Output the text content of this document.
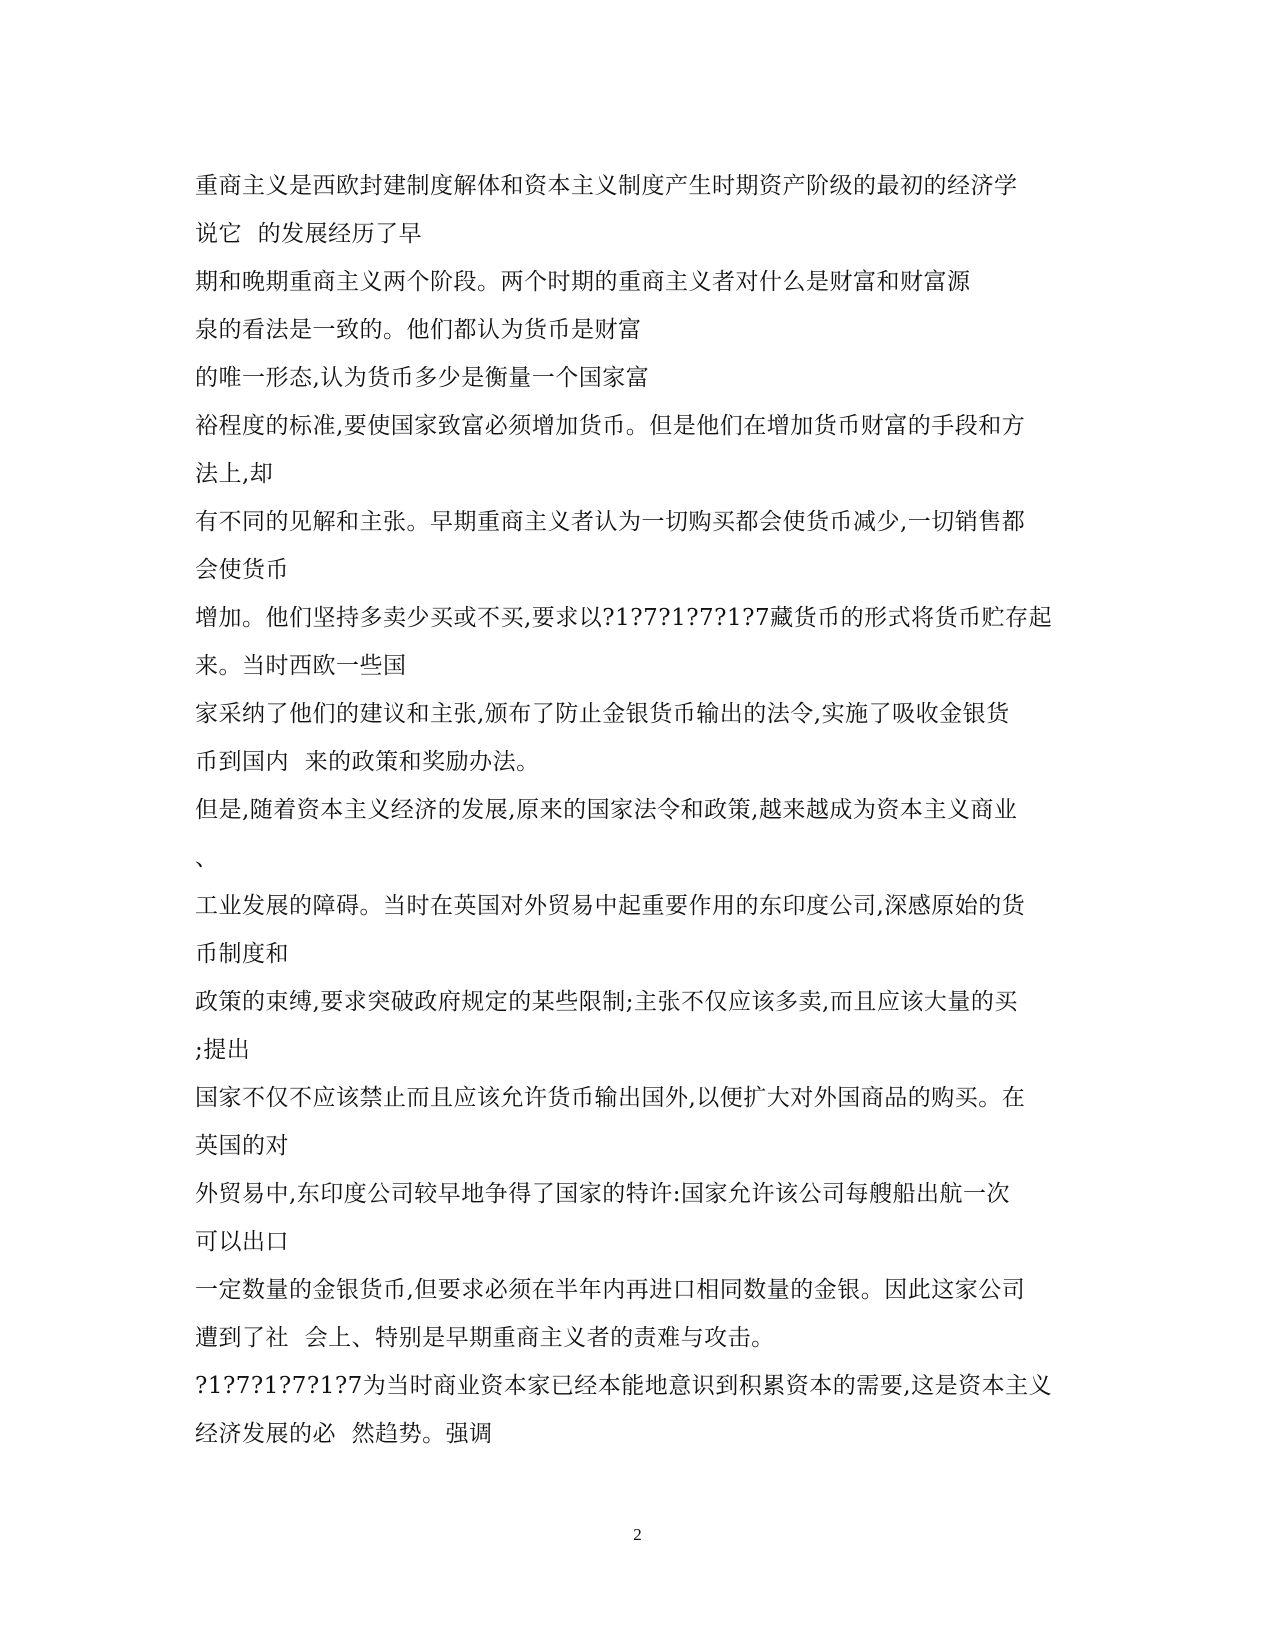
重商主义是西欧封建制度解体和资本主义制度产生时期资产阶级的最初的经济学
说它  的发展经历了早
期和晚期重商主义两个阶段。两个时期的重商主义者对什么是财富和财富源
泉的看法是一致的。他们都认为货币是财富
的唯一形态,认为货币多少是衡量一个国家富
裕程度的标准,要使国家致富必须增加货币。但是他们在增加货币财富的手段和方
法上,却
有不同的见解和主张。早期重商主义者认为一切购买都会使货币减少,一切销售都
会使货币
增加。他们坚持多卖少买或不买,要求以?1?7?1?7?1?7藏货币的形式将货币贮存起
来。当时西欧一些国
家采纳了他们的建议和主张,颁布了防止金银货币输出的法令,实施了吸收金银货
币到国内  来的政策和奖励办法。
但是,随着资本主义经济的发展,原来的国家法令和政策,越来越成为资本主义商业
、
工业发展的障碍。当时在英国对外贸易中起重要作用的东印度公司,深感原始的货
币制度和
政策的束缚,要求突破政府规定的某些限制;主张不仅应该多卖,而且应该大量的买
;提出
国家不仅不应该禁止而且应该允许货币输出国外,以便扩大对外国商品的购买。在
英国的对
外贸易中,东印度公司较早地争得了国家的特许:国家允许该公司每艘船出航一次
可以出口
一定数量的金银货币,但要求必须在半年内再进口相同数量的金银。因此这家公司
遭到了社  会上、特别是早期重商主义者的责难与攻击。
?1?7?1?7?1?7为当时商业资本家已经本能地意识到积累资本的需要,这是资本主义
经济发展的必  然趋势。强调
2
